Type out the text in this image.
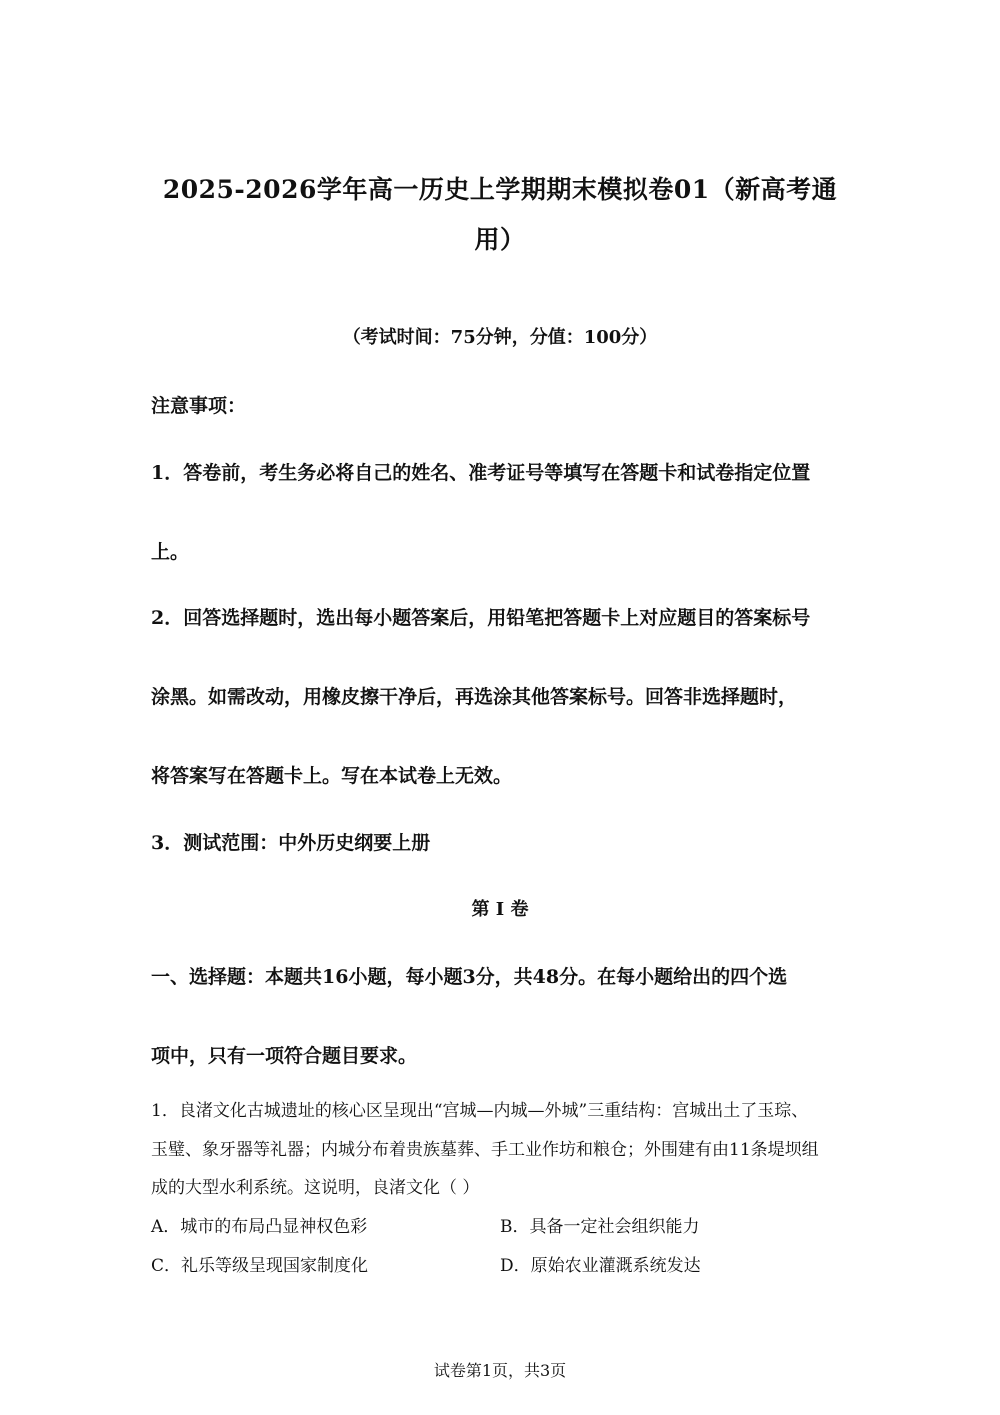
2025-2026学年高一历史上学期期末模拟卷01（新高考通
用）
（考试时间：75分钟，分值：100分）
注意事项：
1．答卷前，考生务必将自己的姓名、准考证号等填写在答题卡和试卷指定位置
上。
2．回答选择题时，选出每小题答案后，用铅笔把答题卡上对应题目的答案标号
涂黑。如需改动，用橡皮擦干净后，再选涂其他答案标号。回答非选择题时，
将答案写在答题卡上。写在本试卷上无效。
3．测试范围：中外历史纲要上册
第 I 卷
一、选择题：本题共16小题，每小题3分，共48分。在每小题给出的四个选
项中，只有一项符合题目要求。
1．良渚文化古城遗址的核心区呈现出“宫城—内城—外城”三重结构：宫城出土了玉琮、
玉璧、象牙器等礼器；内城分布着贵族墓葬、手工业作坊和粮仓；外围建有由11条堤坝组
成的大型水利系统。这说明，良渚文化（ ）
A．城市的布局凸显神权色彩	B．具备一定社会组织能力
C．礼乐等级呈现国家制度化	D．原始农业灌溉系统发达
试卷第1页，共3页
